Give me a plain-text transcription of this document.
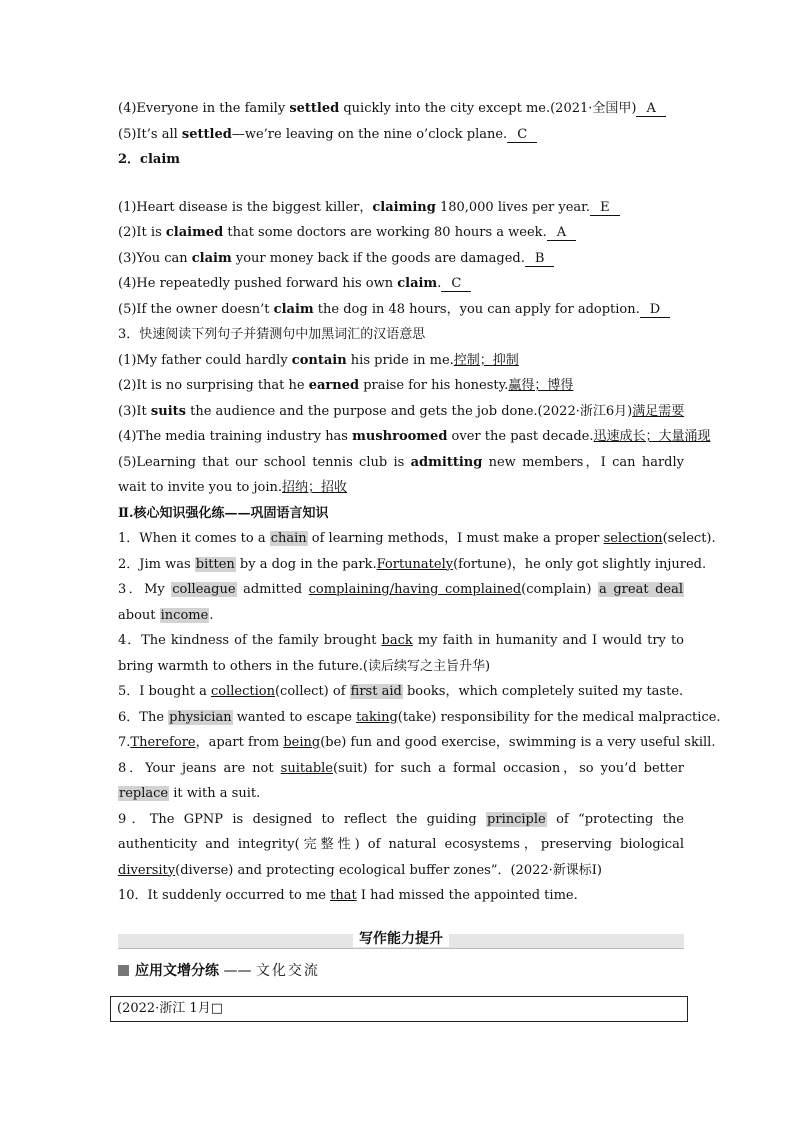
(4)Everyone in the family settled quickly into the city except me.(2021·全国甲) A
(5)It’s all settled—we’re leaving on the nine o’clock plane. C
2．claim
(1)Heart disease is the biggest killer，claiming 180,000 lives per year. E
(2)It is claimed that some doctors are working 80 hours a week. A
(3)You can claim your money back if the goods are damaged. B
(4)He repeatedly pushed forward his own claim. C
(5)If the owner doesn’t claim the dog in 48 hours，you can apply for adoption. D
3．快速阅读下列句子并猜测句中加黑词汇的汉语意思
(1)My father could hardly contain his pride in me.控制；抑制
(2)It is no surprising that he earned praise for his honesty.赢得；博得
(3)It suits the audience and the purpose and gets the job done.(2022·浙江6月)满足需要
(4)The media training industry has mushroomed over the past decade.迅速成长；大量涌现
(5)Learning that our school tennis club is admitting new members，I can hardly wait to invite you to join.招纳；招收
Ⅱ.核心知识强化练——巩固语言知识
1．When it comes to a chain of learning methods，I must make a proper selection(select).
2．Jim was bitten by a dog in the park.Fortunately(fortune)，he only got slightly injured.
3．My colleague admitted complaining/having complained(complain) a great deal about income.
4．The kindness of the family brought back my faith in humanity and I would try to bring warmth to others in the future.(读后续写之主旨升华)
5．I bought a collection(collect) of first aid books，which completely suited my taste.
6．The physician wanted to escape taking(take) responsibility for the medical malpractice.
7.Therefore，apart from being(be) fun and good exercise，swimming is a very useful skill.
8．Your jeans are not suitable(suit) for such a formal occasion，so you’d better replace it with a suit.
9．The GPNP is designed to reflect the guiding principle of “protecting the authenticity and integrity(完整性) of natural ecosystems，preserving biological diversity(diverse) and protecting ecological buffer zones”．(2022·新课标Ⅰ)
10．It suddenly occurred to me that I had missed the appointed time.
写作能力提升
应用文增分练 —— 文化交流
(2022·浙江 1月□
